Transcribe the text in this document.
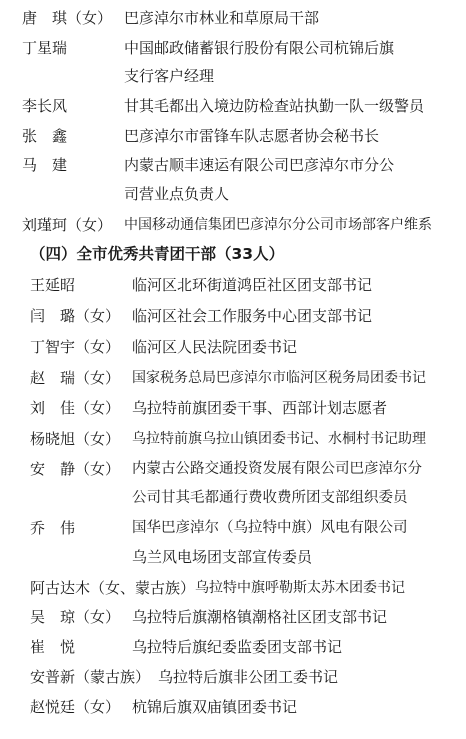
唐　琪（女） 巴彦淖尔市林业和草原局干部
丁星瑞	中国邮政储蓄银行股份有限公司杭锦后旗
支行客户经理
李长风	甘其毛都出入境边防检查站执勤一队一级警员
张　鑫	巴彦淖尔市雷锋车队志愿者协会秘书长
马　建	内蒙古顺丰速运有限公司巴彦淖尔市分公
司营业点负责人
刘瑾珂（女） 中国移动通信集团巴彦淖尔分公司市场部客户维系
（四）全市优秀共青团干部（33人）
王延昭	临河区北环街道鸿臣社区团支部书记
闫　璐（女） 临河区社会工作服务中心团支部书记
丁智宇（女） 临河区人民法院团委书记
赵　瑞（女） 国家税务总局巴彦淖尔市临河区税务局团委书记
刘　佳（女） 乌拉特前旗团委干事、西部计划志愿者
杨晓旭（女） 乌拉特前旗乌拉山镇团委书记、水桐村书记助理
安　静（女） 内蒙古公路交通投资发展有限公司巴彦淖尔分
公司甘其毛都通行费收费所团支部组织委员
乔　伟	国华巴彦淖尔（乌拉特中旗）风电有限公司
乌兰风电场团支部宣传委员
阿古达木（女、蒙古族） 乌拉特中旗呼勒斯太苏木团委书记
吴　琼（女） 乌拉特后旗潮格镇潮格社区团支部书记
崔　悦	乌拉特后旗纪委监委团支部书记
安普新（蒙古族） 乌拉特后旗非公团工委书记
赵悦廷（女） 杭锦后旗双庙镇团委书记
